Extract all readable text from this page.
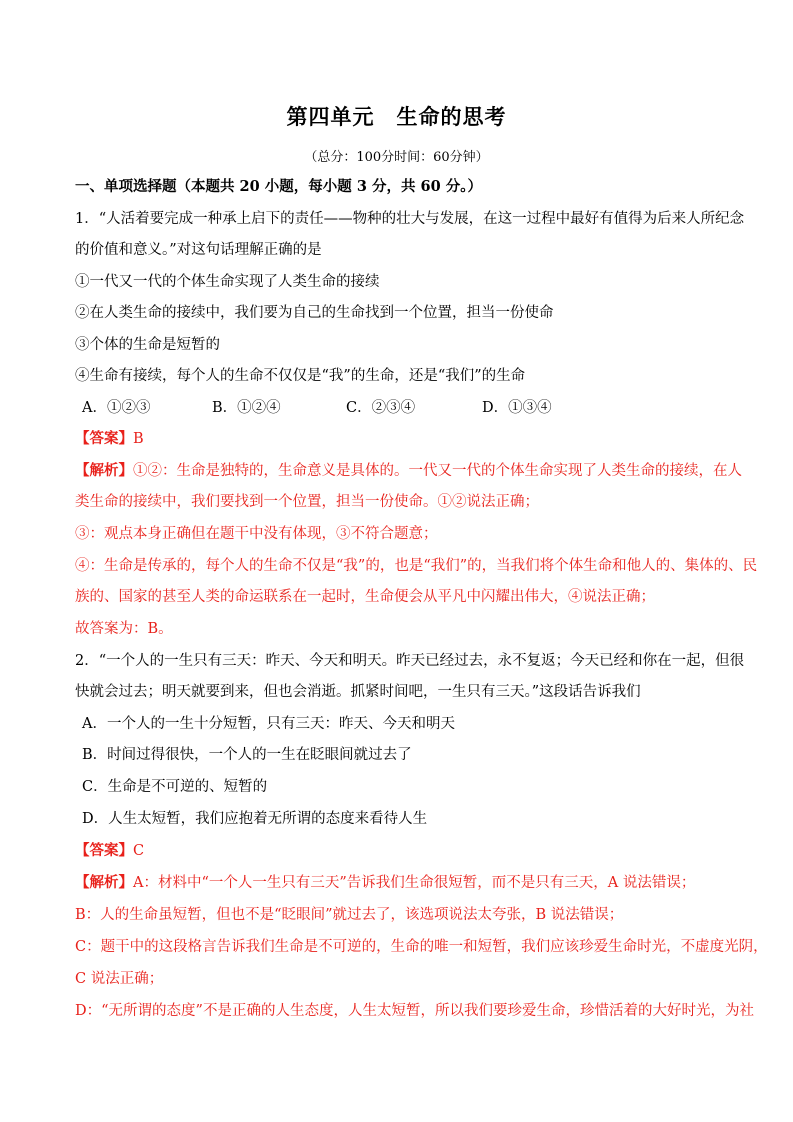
第四单元　生命的思考
（总分：100分时间：60分钟）
一、单项选择题（本题共 20 小题，每小题 3 分，共 60 分。）
1．“人活着要完成一种承上启下的责任——物种的壮大与发展，在这一过程中最好有值得为后来人所纪念
的价值和意义。”对这句话理解正确的是
①一代又一代的个体生命实现了人类生命的接续
②在人类生命的接续中，我们要为自己的生命找到一个位置，担当一份使命
③个体的生命是短暂的
④生命有接续，每个人的生命不仅仅是“我”的生命，还是“我们”的生命
A．①②③	B．①②④	C．②③④	D．①③④
【答案】B
【解析】①②：生命是独特的，生命意义是具体的。一代又一代的个体生命实现了人类生命的接续，在人
类生命的接续中，我们要找到一个位置，担当一份使命。①②说法正确；
③：观点本身正确但在题干中没有体现，③不符合题意；
④：生命是传承的，每个人的生命不仅是“我”的，也是“我们”的，当我们将个体生命和他人的、集体的、民
族的、国家的甚至人类的命运联系在一起时，生命便会从平凡中闪耀出伟大，④说法正确；
故答案为：B。
2．“一个人的一生只有三天：昨天、今天和明天。昨天已经过去，永不复返；今天已经和你在一起，但很
快就会过去；明天就要到来，但也会消逝。抓紧时间吧，一生只有三天。”这段话告诉我们
A．一个人的一生十分短暂，只有三天：昨天、今天和明天
B．时间过得很快，一个人的一生在眨眼间就过去了
C．生命是不可逆的、短暂的
D．人生太短暂，我们应抱着无所谓的态度来看待人生
【答案】C
【解析】A：材料中“一个人一生只有三天”告诉我们生命很短暂，而不是只有三天，A 说法错误；
B：人的生命虽短暂，但也不是“眨眼间”就过去了，该选项说法太夸张，B 说法错误；
C：题干中的这段格言告诉我们生命是不可逆的，生命的唯一和短暂，我们应该珍爱生命时光，不虚度光阴，
C 说法正确；
D：“无所谓的态度”不是正确的人生态度，人生太短暂，所以我们要珍爱生命，珍惜活着的大好时光，为社
